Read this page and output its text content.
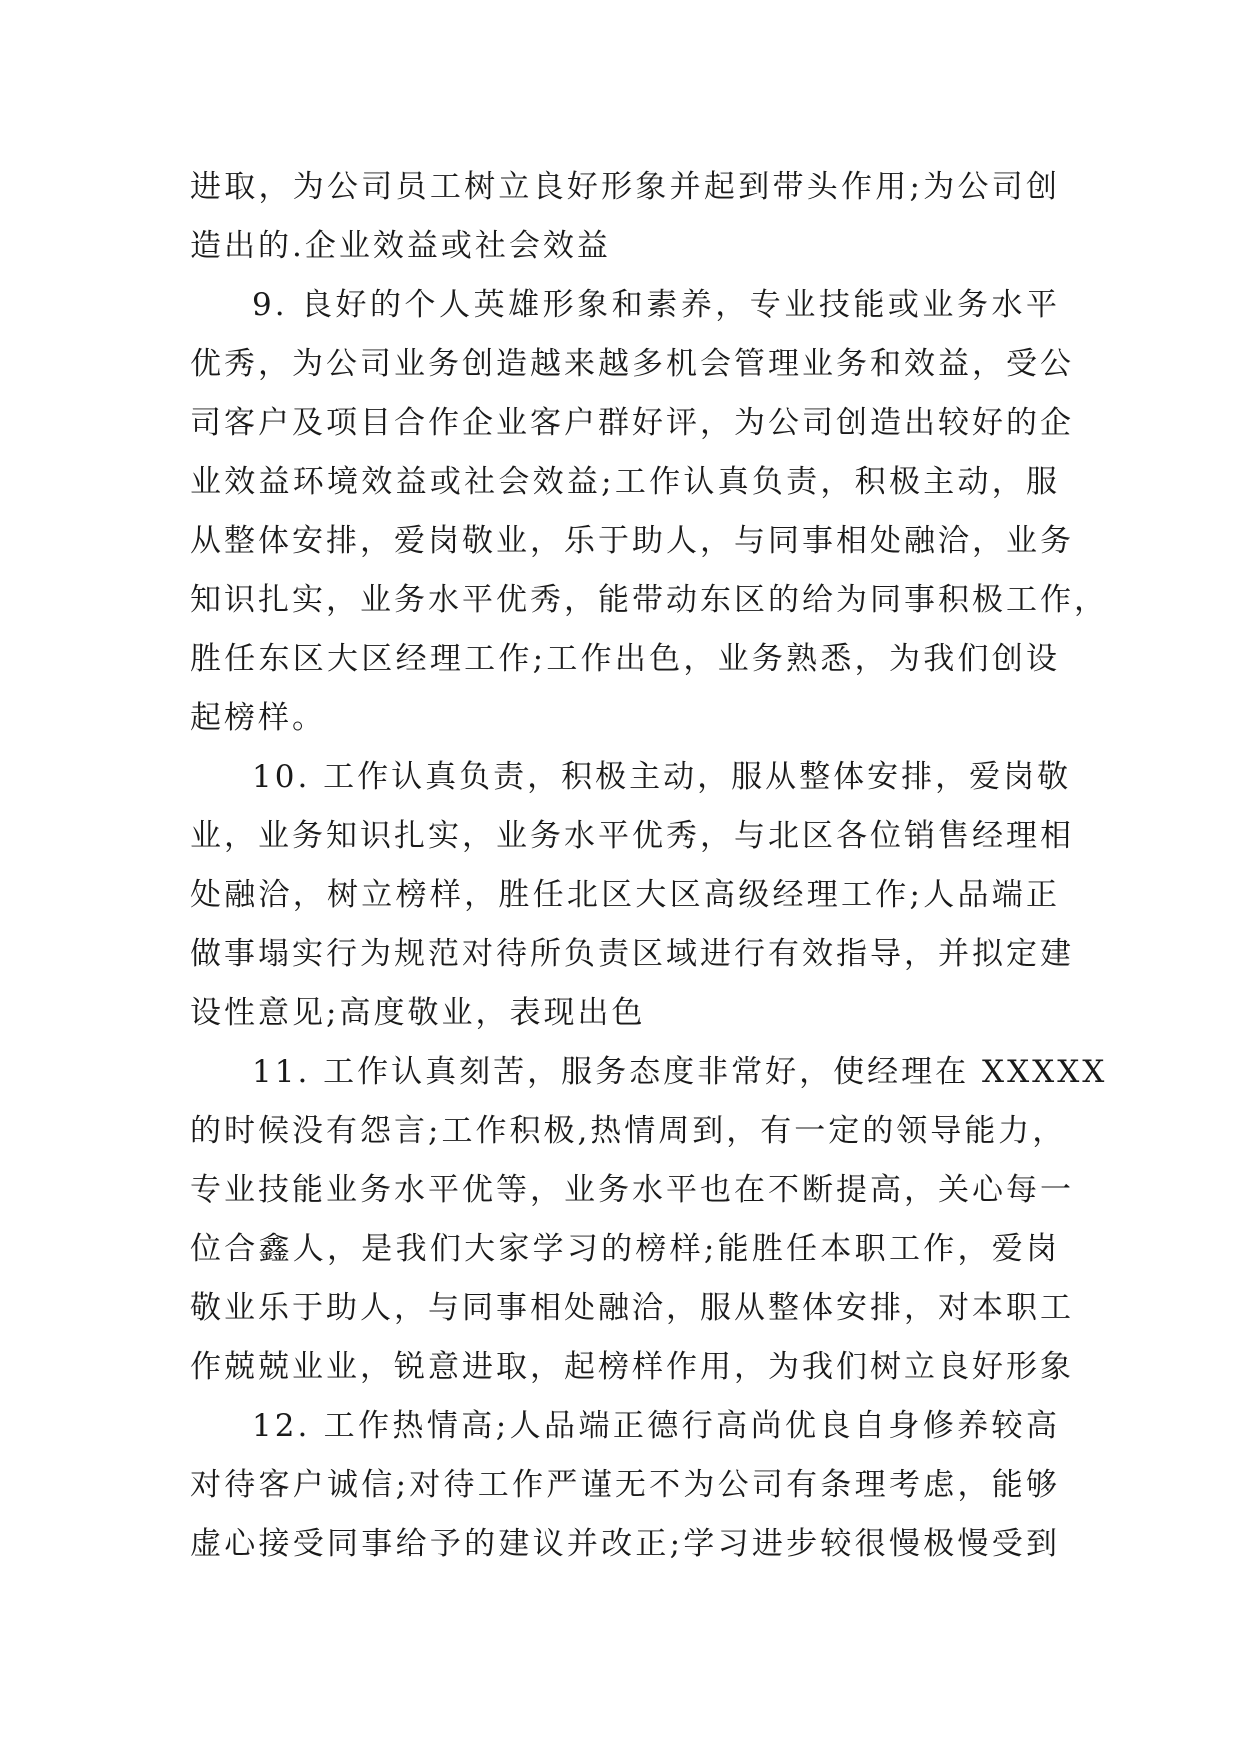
进取，为公司员工树立良好形象并起到带头作用;为公司创
造出的.企业效益或社会效益
9. 良好的个人英雄形象和素养，专业技能或业务水平
优秀，为公司业务创造越来越多机会管理业务和效益，受公
司客户及项目合作企业客户群好评，为公司创造出较好的企
业效益环境效益或社会效益;工作认真负责，积极主动，服
从整体安排，爱岗敬业，乐于助人，与同事相处融洽，业务
知识扎实，业务水平优秀，能带动东区的给为同事积极工作，
胜任东区大区经理工作;工作出色，业务熟悉，为我们创设
起榜样。
10. 工作认真负责，积极主动，服从整体安排，爱岗敬
业，业务知识扎实，业务水平优秀，与北区各位销售经理相
处融洽，树立榜样，胜任北区大区高级经理工作;人品端正
做事塌实行为规范对待所负责区域进行有效指导，并拟定建
设性意见;高度敬业，表现出色
11. 工作认真刻苦，服务态度非常好，使经理在 XXXXX
的时候没有怨言;工作积极,热情周到，有一定的领导能力，
专业技能业务水平优等，业务水平也在不断提高，关心每一
位合鑫人，是我们大家学习的榜样;能胜任本职工作，爱岗
敬业乐于助人，与同事相处融洽，服从整体安排，对本职工
作兢兢业业，锐意进取，起榜样作用，为我们树立良好形象
12. 工作热情高;人品端正德行高尚优良自身修养较高
对待客户诚信;对待工作严谨无不为公司有条理考虑，能够
虚心接受同事给予的建议并改正;学习进步较很慢极慢受到
